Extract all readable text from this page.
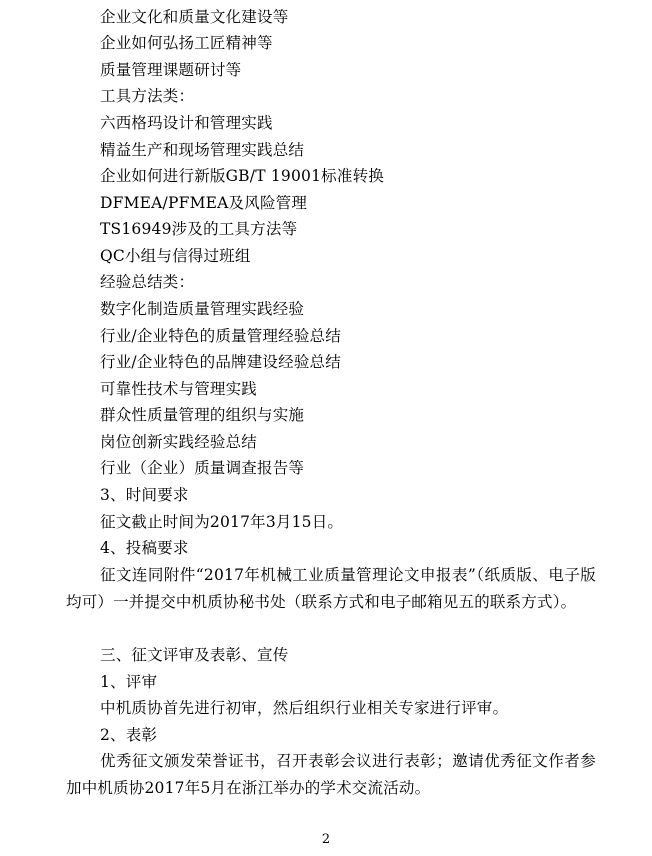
企业文化和质量文化建设等
企业如何弘扬工匠精神等
质量管理课题研讨等
工具方法类：
六西格玛设计和管理实践
精益生产和现场管理实践总结
企业如何进行新版GB/T 19001标准转换
DFMEA/PFMEA及风险管理
TS16949涉及的工具方法等
QC小组与信得过班组
经验总结类：
数字化制造质量管理实践经验
行业/企业特色的质量管理经验总结
行业/企业特色的品牌建设经验总结
可靠性技术与管理实践
群众性质量管理的组织与实施
岗位创新实践经验总结
行业（企业）质量调查报告等
3、时间要求
征文截止时间为2017年3月15日。
4、投稿要求
征文连同附件“2017年机械工业质量管理论文申报表”（纸质版、电子版均可）一并提交中机质协秘书处（联系方式和电子邮箱见五的联系方式）。
三、征文评审及表彰、宣传
1、评审
中机质协首先进行初审，然后组织行业相关专家进行评审。
2、表彰
优秀征文颁发荣誉证书，召开表彰会议进行表彰；邀请优秀征文作者参加中机质协2017年5月在浙江举办的学术交流活动。
2
